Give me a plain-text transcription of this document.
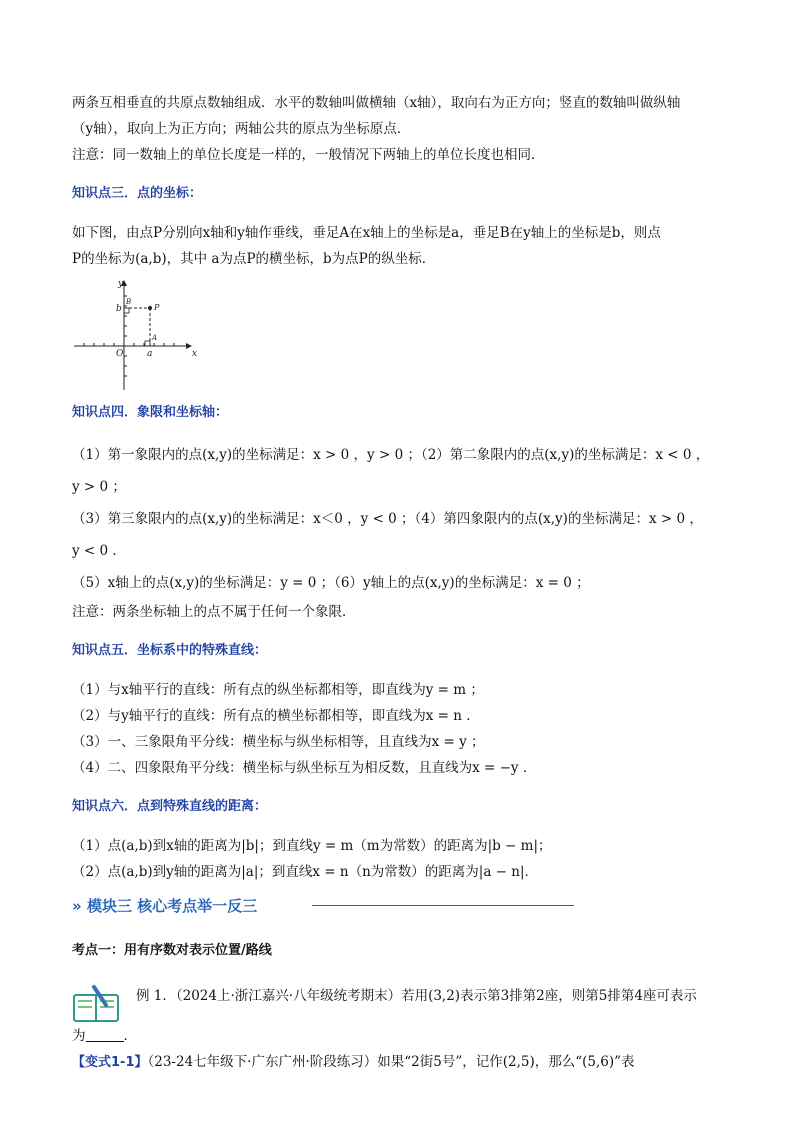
两条互相垂直的共原点数轴组成．水平的数轴叫做横轴（x轴），取向右为正方向；竖直的数轴叫做纵轴

（y轴），取向上为正方向；两轴公共的原点为坐标原点．

注意：同一数轴上的单位长度是一样的，一般情况下两轴上的单位长度也相同．

知识点三．点的坐标：

如下图，由点P分别向x轴和y轴作垂线，垂足A在x轴上的坐标是a，垂足B在y轴上的坐标是b，则点

P的坐标为(a,b)，其中 a为点P的横坐标，b为点P的纵坐标．

y
x
O	a
b
A
B
P

知识点四．象限和坐标轴：

（1）第一象限内的点(x,y)的坐标满足：x > 0 ，y > 0 ；（2）第二象限内的点(x,y)的坐标满足：x < 0 ，

y > 0 ；

（3）第三象限内的点(x,y)的坐标满足：x＜0 ，y < 0 ；（4）第四象限内的点(x,y)的坐标满足：x > 0 ，

y < 0 .

（5）x轴上的点(x,y)的坐标满足：y = 0 ；（6）y轴上的点(x,y)的坐标满足：x = 0 ；

注意：两条坐标轴上的点不属于任何一个象限．

知识点五．坐标系中的特殊直线：

（1）与x轴平行的直线：所有点的纵坐标都相等，即直线为y = m ；

（2）与y轴平行的直线：所有点的横坐标都相等，即直线为x = n ．

（3）一、三象限角平分线：横坐标与纵坐标相等，且直线为x = y ；

（4）二、四象限角平分线：横坐标与纵坐标互为相反数，且直线为x = −y ．

知识点六．点到特殊直线的距离：

（1）点(a,b)到x轴的距离为|b|；到直线y = m（m为常数）的距离为|b − m|；

（2）点(a,b)到y轴的距离为|a|；到直线x = n（n为常数）的距离为|a − n|．

» 模块三 核心考点举一反三

考点一：用有序数对表示位置/路线

例 1．（2024上·浙江嘉兴·八年级统考期末）若用(3,2)表示第3排第2座，则第5排第4座可表示
为	．

【变式1-1】（23-24七年级下·广东广州·阶段练习）如果“2街5号”，记作(2,5)，那么“(5,6)”表
